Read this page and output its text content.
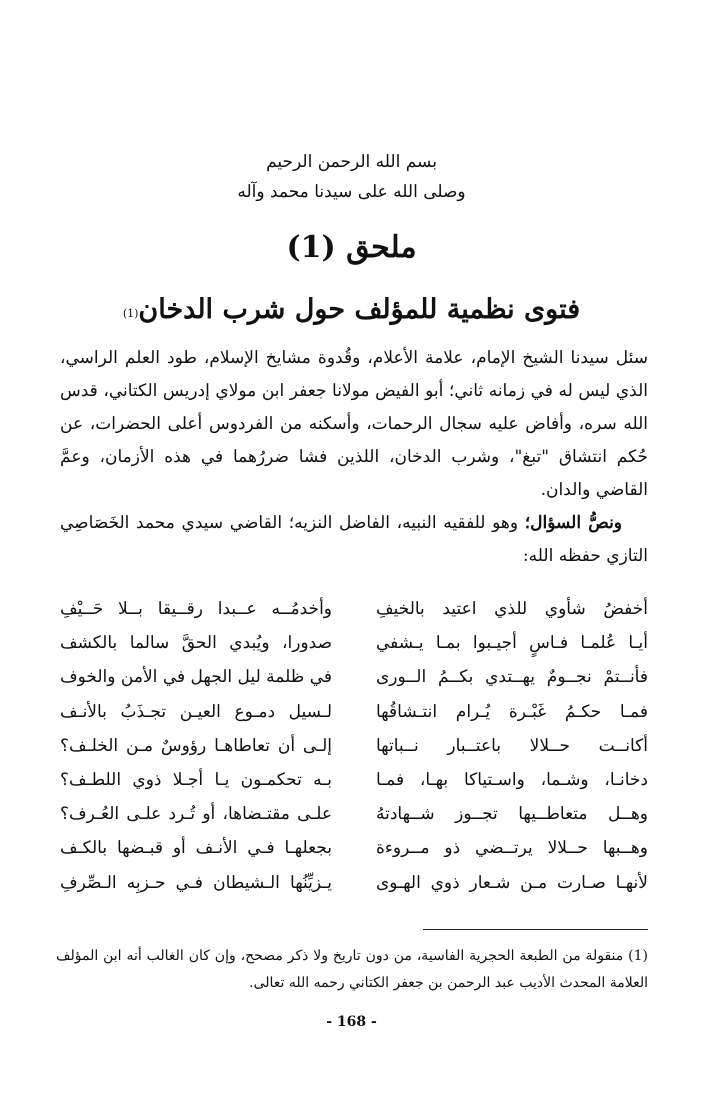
بسم الله الرحمن الرحيم
وصلى الله على سيدنا محمد وآله
ملحق (1)
فتوى نظمية للمؤلف حول شرب الدخان$^{(1)}$

سئل سيدنا الشيخ الإمام، علامة الأعلام، وقُدوة مشايخ الإسلام، طود العلم الراسي، الذي ليس له في زمانه ثاني؛ أبو الفيض مولانا جعفر ابن مولاي إدريس الكتاني، قدس الله سره، وأفاض عليه سجال الرحمات، وأسكنه من الفردوس أعلى الحضرات، عن حُكم انتشاق "تبغ"، وشرب الدخان، اللذين فشا ضررُهما في هذه الأزمان، وعمَّ القاضي والدان.

ونصُّ السؤال؛ وهو للفقيه النبيه، الفاضل النزيه؛ القاضي سيدي محمد الخَصَاصِي التازي حفظه الله:

أخفضُ شأوي للذي اعتيد بالخيفِ
وأخدمُــه عــبدا رقــيقا بــلا حَــيْفِ
أيـا عُلمـا فـاسٍ أجيـبوا بمـا يـشفي
صدورا، ويُبدي الحقَّ سالما بالكشف
فأنــتمْ نجــومٌ يهــتدي بكــمُ الــورى
في ظلمة ليل الجهل في الأمن والخوف
فمـا حكـمُ غَبْـرة يُـرام انتـشاقُها
لـسيل دمـوع العيـن تجـذَبُ بالأنـف
أكانــت حــلالا باعتــبار نــباتها
إلـى أن تعاطاهـا رؤوسٌ مـن الخلـف؟
دخانـا، وشـما، واسـتياكا بهـا، فمـا
بـه تحكمـون يـا أجـلا ذوي اللطـف؟
وهــل متعاطــيها تجــوز شــهادتهُ
علـى مقتـضاها، أو تُـرد علـى العُـرف؟
وهــبها حــلالا يرتــضي ذو مــروءة
بجعلهـا فـي الأنـف أو قبـضها بالكـف
لأنهـا صـارت مـن شـعار ذوي الهـوى
يـزيِّنُها الـشيطان فـي حـزبِه الـصِّرفِ

(1) منقولة من الطبعة الحجرية الفاسية، من دون تاريخ ولا ذكر مصحح، وإن كان الغالب أنه ابن المؤلف العلامة المحدث الأديب عبد الرحمن بن جعفر الكتاني رحمه الله تعالى.

- 168 -
